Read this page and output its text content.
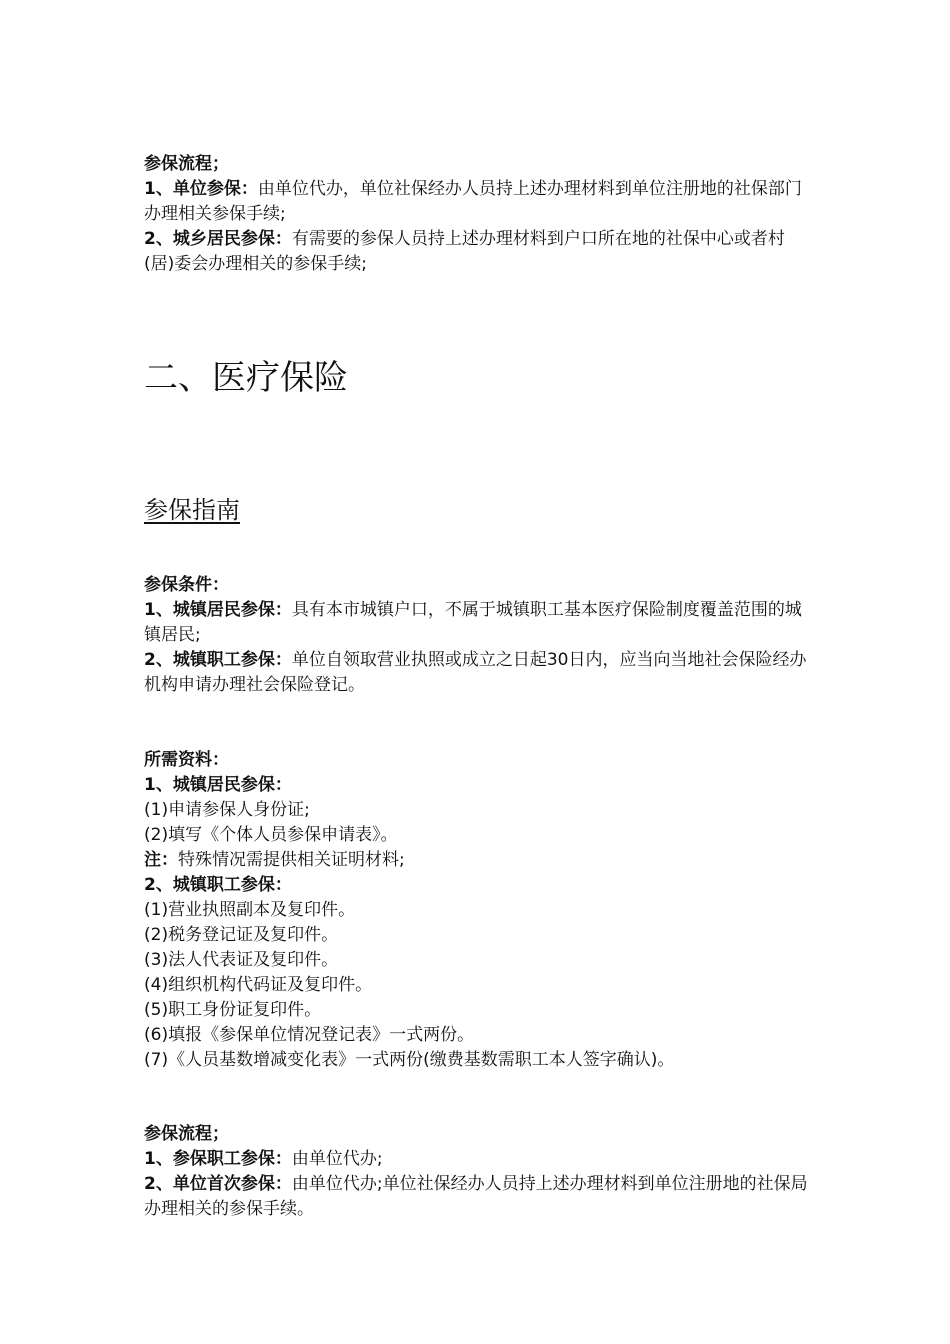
参保流程；

1、单位参保：由单位代办，单位社保经办人员持上述办理材料到单位注册地的社保部门办理相关参保手续;

2、城乡居民参保：有需要的参保人员持上述办理材料到户口所在地的社保中心或者村(居)委会办理相关的参保手续;

二、医疗保险
参保指南

参保条件：

1、城镇居民参保：具有本市城镇户口，不属于城镇职工基本医疗保险制度覆盖范围的城镇居民;

2、城镇职工参保：单位自领取营业执照或成立之日起30日内，应当向当地社会保险经办机构申请办理社会保险登记。

所需资料：

1、城镇居民参保：

(1)申请参保人身份证;

(2)填写《个体人员参保申请表》。

注：特殊情况需提供相关证明材料;

2、城镇职工参保：

(1)营业执照副本及复印件。

(2)税务登记证及复印件。

(3)法人代表证及复印件。

(4)组织机构代码证及复印件。

(5)职工身份证复印件。

(6)填报《参保单位情况登记表》一式两份。

(7)《人员基数增减变化表》一式两份(缴费基数需职工本人签字确认)。

参保流程；

1、参保职工参保：由单位代办;

2、单位首次参保：由单位代办;单位社保经办人员持上述办理材料到单位注册地的社保局办理相关的参保手续。
